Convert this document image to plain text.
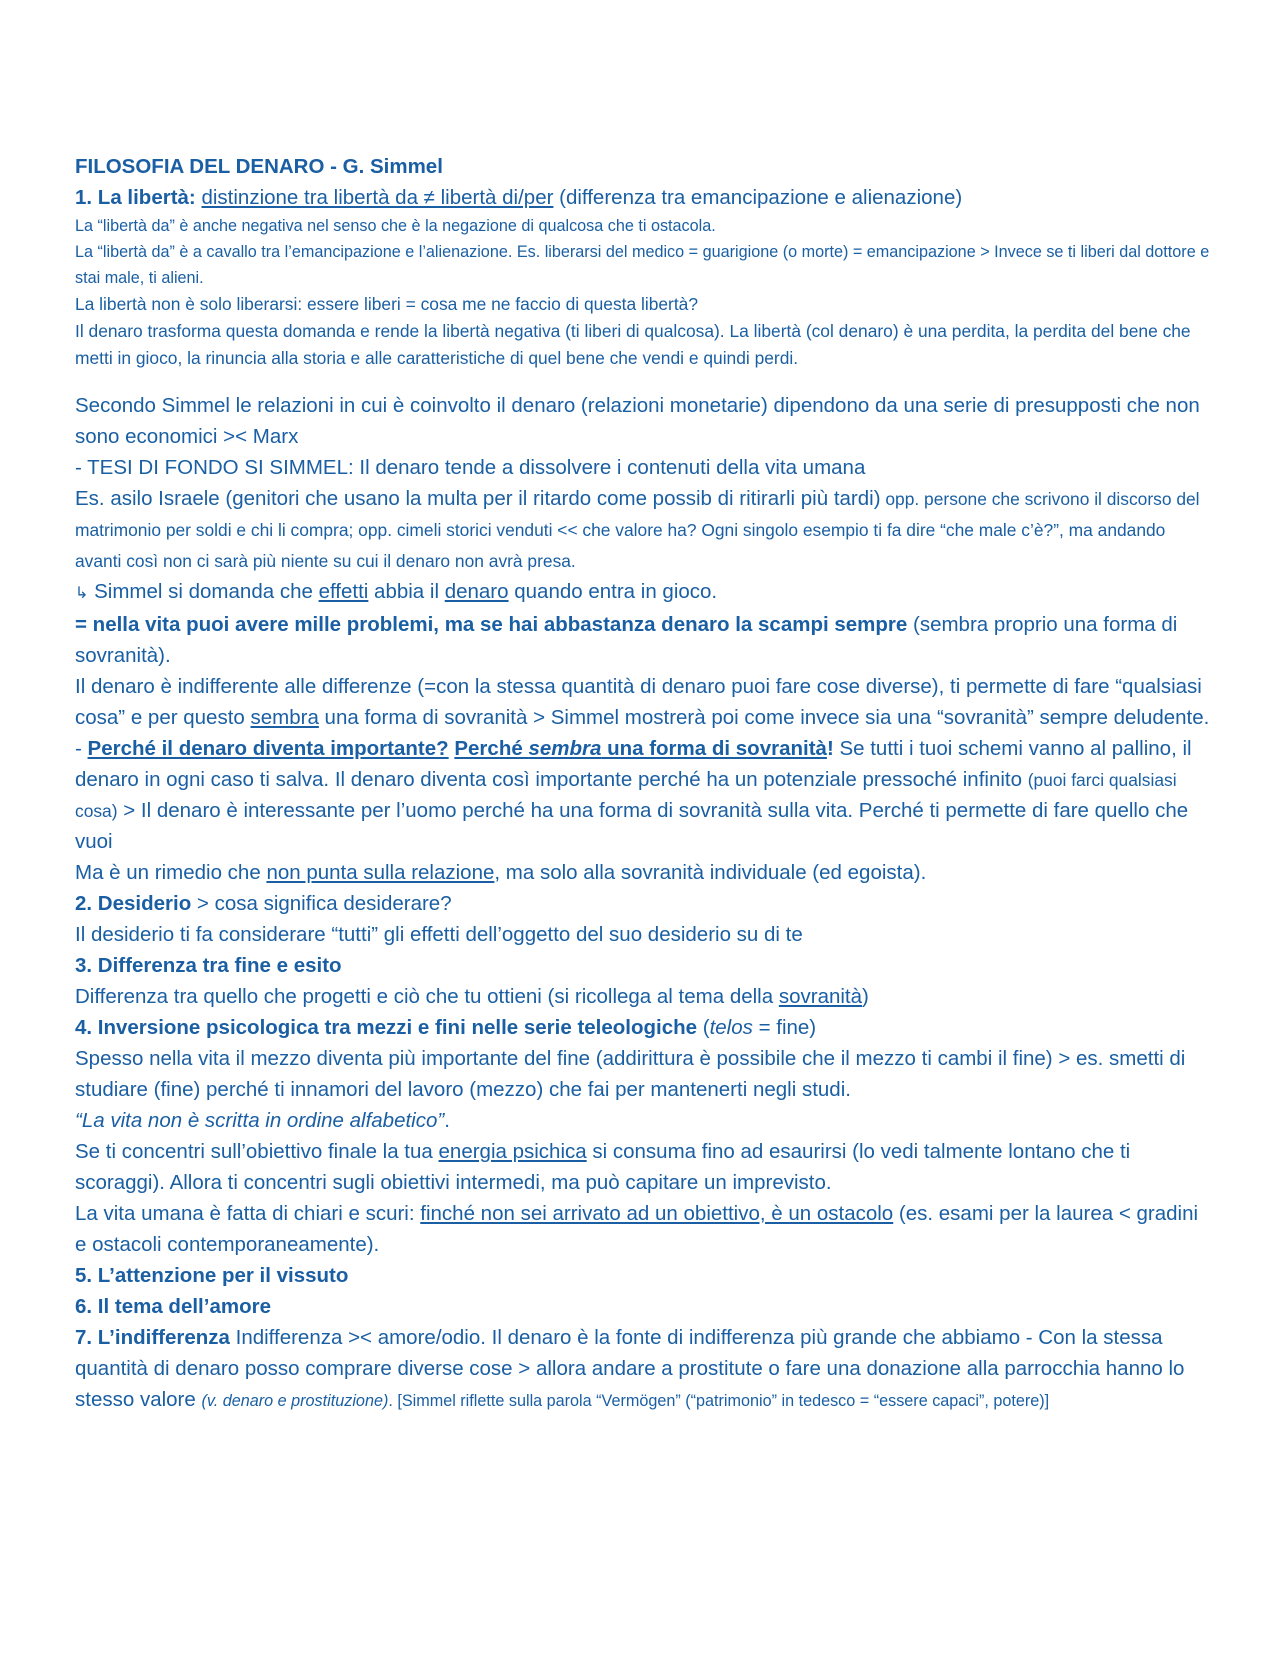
FILOSOFIA DEL DENARO - G. Simmel

1. La libertà: distinzione tra libertà da ≠ libertà di/per (differenza tra emancipazione e alienazione)

La “libertà da” è anche negativa nel senso che è la negazione di qualcosa che ti ostacola.

La “libertà da” è a cavallo tra l’emancipazione e l’alienazione. Es. liberarsi del medico = guarigione (o morte) = emancipazione > Invece se ti liberi dal dottore e stai male, ti alieni.

La libertà non è solo liberarsi: essere liberi = cosa me ne faccio di questa libertà?

Il denaro trasforma questa domanda e rende la libertà negativa (ti liberi di qualcosa). La libertà (col denaro) è una perdita, la perdita del bene che metti in gioco, la rinuncia alla storia e alle caratteristiche di quel bene che vendi e quindi perdi.

Secondo Simmel le relazioni in cui è coinvolto il denaro (relazioni monetarie) dipendono da una serie di presupposti che non sono economici >< Marx

- TESI DI FONDO SI SIMMEL: Il denaro tende a dissolvere i contenuti della vita umana

Es. asilo Israele (genitori che usano la multa per il ritardo come possib di ritirarli più tardi) opp. persone che scrivono il discorso del matrimonio per soldi e chi li compra; opp. cimeli storici venduti << che valore ha? Ogni singolo esempio ti fa dire “che male c’è?”, ma andando avanti così non ci sarà più niente su cui il denaro non avrà presa.

↳ Simmel si domanda che effetti abbia il denaro quando entra in gioco.

= nella vita puoi avere mille problemi, ma se hai abbastanza denaro la scampi sempre (sembra proprio una forma di sovranità).

Il denaro è indifferente alle differenze (=con la stessa quantità di denaro puoi fare cose diverse), ti permette di fare “qualsiasi cosa” e per questo sembra una forma di sovranità > Simmel mostrerà poi come invece sia una “sovranità” sempre deludente.

- Perché il denaro diventa importante? Perché sembra una forma di sovranità! Se tutti i tuoi schemi vanno al pallino, il denaro in ogni caso ti salva. Il denaro diventa così importante perché ha un potenziale pressoché infinito (puoi farci qualsiasi cosa) > Il denaro è interessante per l’uomo perché ha una forma di sovranità sulla vita. Perché ti permette di fare quello che vuoi

Ma è un rimedio che non punta sulla relazione, ma solo alla sovranità individuale (ed egoista).

2. Desiderio > cosa significa desiderare?

Il desiderio ti fa considerare “tutti” gli effetti dell’oggetto del suo desiderio su di te

3. Differenza tra fine e esito

Differenza tra quello che progetti e ciò che tu ottieni (si ricollega al tema della sovranità)

4. Inversione psicologica tra mezzi e fini nelle serie teleologiche (telos = fine)

Spesso nella vita il mezzo diventa più importante del fine (addirittura è possibile che il mezzo ti cambi il fine) > es. smetti di studiare (fine) perché ti innamori del lavoro (mezzo) che fai per mantenerti negli studi.

“La vita non è scritta in ordine alfabetico”.

Se ti concentri sull’obiettivo finale la tua energia psichica si consuma fino ad esaurirsi (lo vedi talmente lontano che ti scoraggi). Allora ti concentri sugli obiettivi intermedi, ma può capitare un imprevisto.

La vita umana è fatta di chiari e scuri: finché non sei arrivato ad un obiettivo, è un ostacolo (es. esami per la laurea < gradini e ostacoli contemporaneamente).

5. L’attenzione per il vissuto

6. Il tema dell’amore

7. L’indifferenza Indifferenza >< amore/odio. Il denaro è la fonte di indifferenza più grande che abbiamo - Con la stessa quantità di denaro posso comprare diverse cose > allora andare a prostitute o fare una donazione alla parrocchia hanno lo stesso valore (v. denaro e prostituzione). [Simmel riflette sulla parola “Vermögen” (“patrimonio” in tedesco = “essere capaci”, potere)]
